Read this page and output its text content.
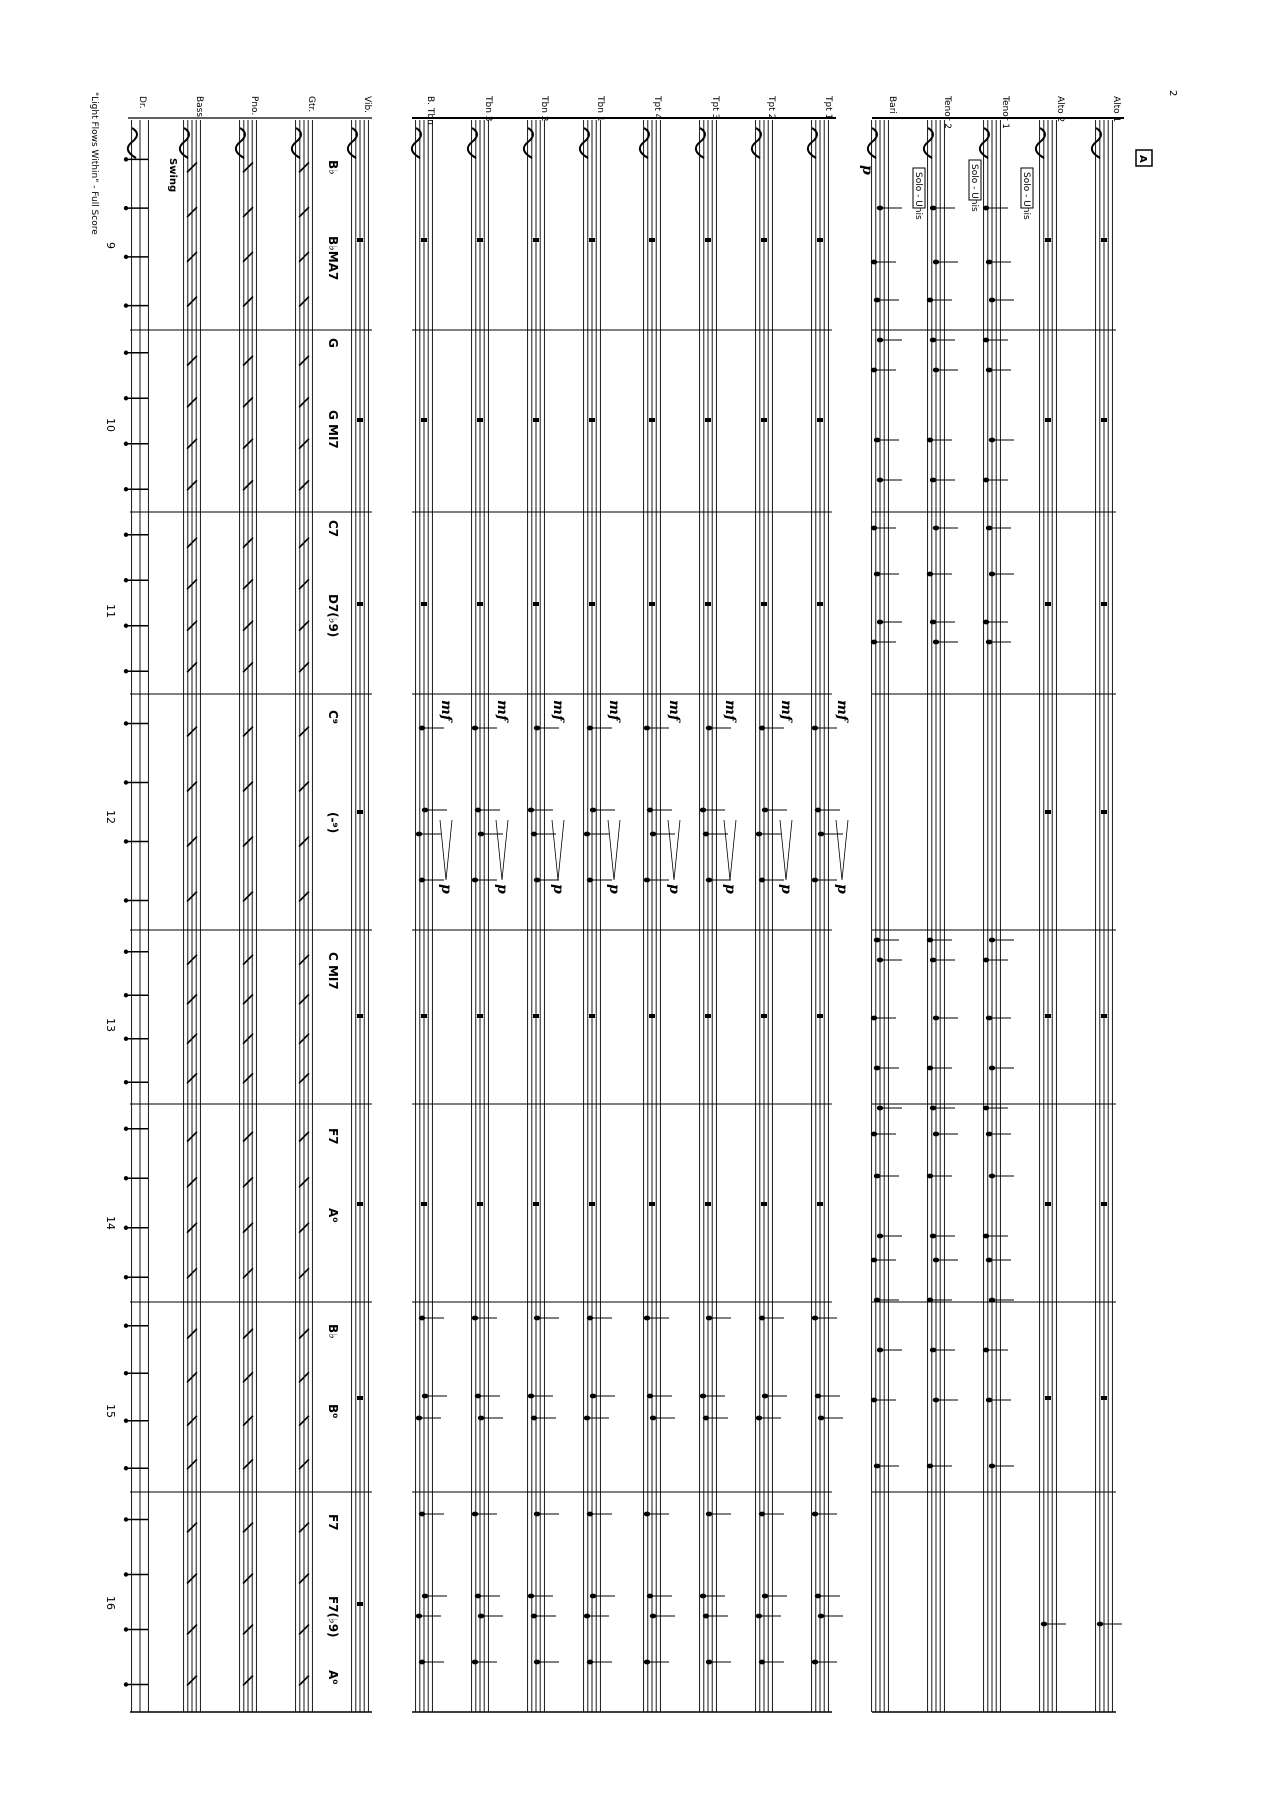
2
"Light Flows Within" - Full Score	A
Swing
Alto 1
Alto 2
Tenor 1
Tenor 2
Bari
Tpt 1
Tpt 2
Tpt 3
Tpt 4
Tbn 1
Tbn 2
Tbn 3
B. Tbn
Vib.
Gtr.
Pno.
Bass
Dr.
9
10
11
12
13
14
15
16
B♭
B♭MA7
G
G MI7
C7
D7(♭9)
C⁹
(-⁹)
C MI7
F7
A⁰
B♭
B⁰
F7
F7(♭9)
A⁰
Solo - Unis
Solo - Unis
Solo - Unis
p
mf
mf
mf
mf
mf
mf
mf
mf
p
p
p
p
p
p
p
p
